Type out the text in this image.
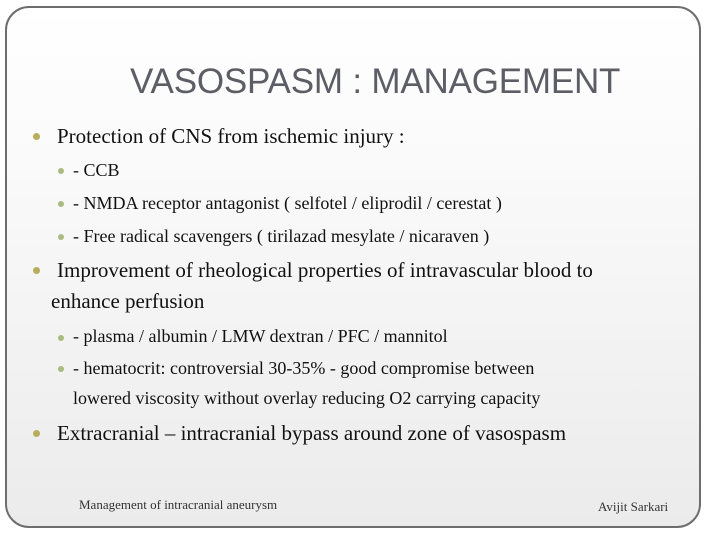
VASOSPASM : MANAGEMENT
Protection of CNS from ischemic injury :
- CCB
- NMDA receptor antagonist ( selfotel / eliprodil / cerestat )
- Free radical scavengers ( tirilazad mesylate / nicaraven )
Improvement of rheological properties of intravascular blood to
enhance perfusion
- plasma / albumin / LMW dextran / PFC / mannitol
- hematocrit: controversial 30-35% - good compromise between
lowered viscosity without overlay reducing O2 carrying capacity
Extracranial – intracranial bypass around zone of vasospasm
Management of intracranial aneurysm	Avijit Sarkari
